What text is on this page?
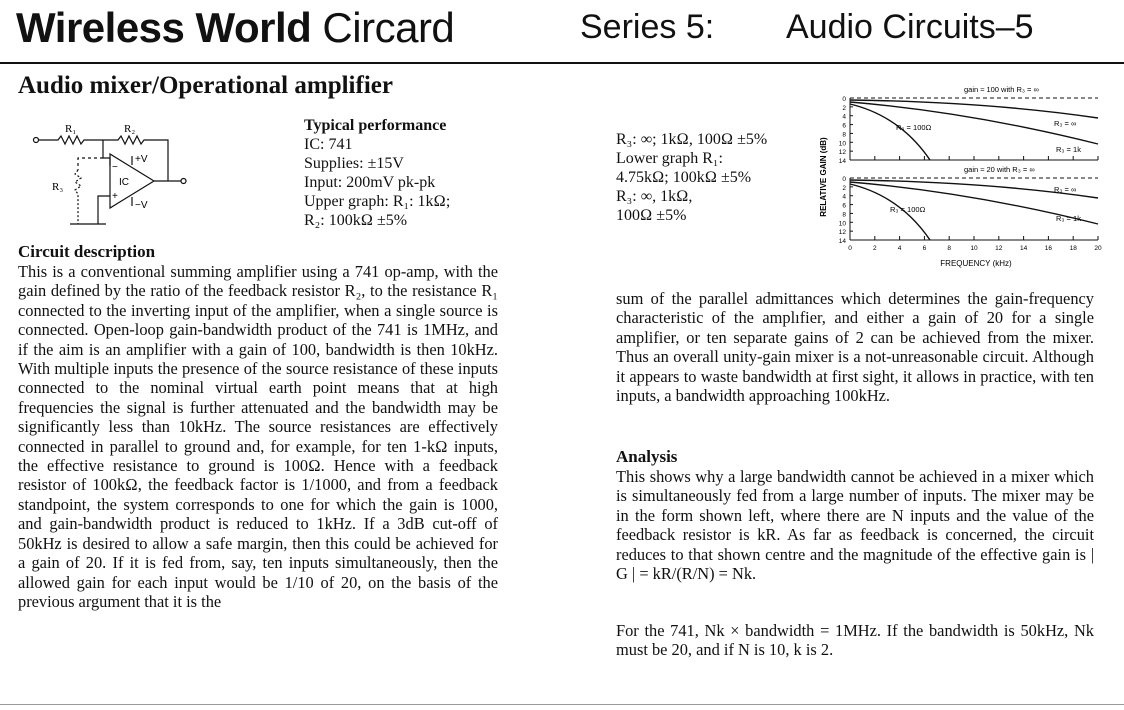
Wireless World Circard	Series 5: Audio Circuits–5
Audio mixer/Operational amplifier
R₁	R₂
R₃	IC
+V
−V
+
−
Typical performance
IC: 741
Supplies: ±15V
Input: 200mV pk-pk
Upper graph: R₁: 1kΩ;
R₂: 100kΩ ±5%
Circuit description

This is a conventional summing amplifier using a 741 op-amp, with the gain defined by the ratio of the feedback resistor R₂, to the resistance R₁ connected to the inverting input of the amplifier, when a single source is connected. Open-loop gain-bandwidth product of the 741 is 1MHz, and if the aim is an amplifier with a gain of 100, bandwidth is then 10kHz. With multiple inputs the presence of the source resistance of these inputs connected to the nominal virtual earth point means that at high frequencies the signal is further attenuated and the bandwidth may be significantly less than 10kHz. The source resistances are effectively connected in parallel to ground and, for example, for ten 1-kΩ inputs, the effective resistance to ground is 100Ω. Hence with a feedback resistor of 100kΩ, the feedback factor is 1/1000, and from a feedback standpoint, the system corresponds to one for which the gain is 1000, and gain-bandwidth product is reduced to 1kHz. If a 3dB cut-off of 50kHz is desired to allow a safe margin, then this could be achieved for a gain of 20. If it is fed from, say, ten inputs simultaneously, then the allowed gain for each input would be 1/10 of 20, on the basis of the previous argument that it is the

R₃: ∞; 1kΩ, 100Ω ±5%
Lower graph R₁:
4.75kΩ; 100kΩ ±5%
R₃: ∞, 1kΩ,
100Ω ±5%	RELATIVE GAIN (dB)
FREQUENCY (kHz)
0
2
4
6
8
10
12
14
0
2
4
6
8
10
12
14
0	2	4	6	8	10	12	14	16	18	20
gain ≈ 100 with R₃ = ∞
gain ≈ 20 with R₃ = ∞
R₃ = 100Ω	R₃ = ∞
R₃ = 1k
R₃ = 100Ω
R₃ = ∞
R₃ = 1k

sum of the parallel admittances which determines the gain-frequency characteristic of the amplıfier, and either a gain of 20 for a single amplifier, or ten separate gains of 2 can be achieved from the mixer. Thus an overall unity-gain mixer is a not-unreasonable circuit. Although it appears to waste bandwidth at first sight, it allows in practice, with ten inputs, a bandwidth approaching 100kHz.

Analysis

This shows why a large bandwidth cannot be achieved in a mixer which is simultaneously fed from a large number of inputs. The mixer may be in the form shown left, where there are N inputs and the value of the feedback resistor is kR. As far as feedback is concerned, the circuit reduces to that shown centre and the magnitude of the effective gain is | G | = kR/(R/N) = Nk.

For the 741, Nk × bandwidth = 1MHz. If the bandwidth is 50kHz, Nk must be 20, and if N is 10, k is 2.
